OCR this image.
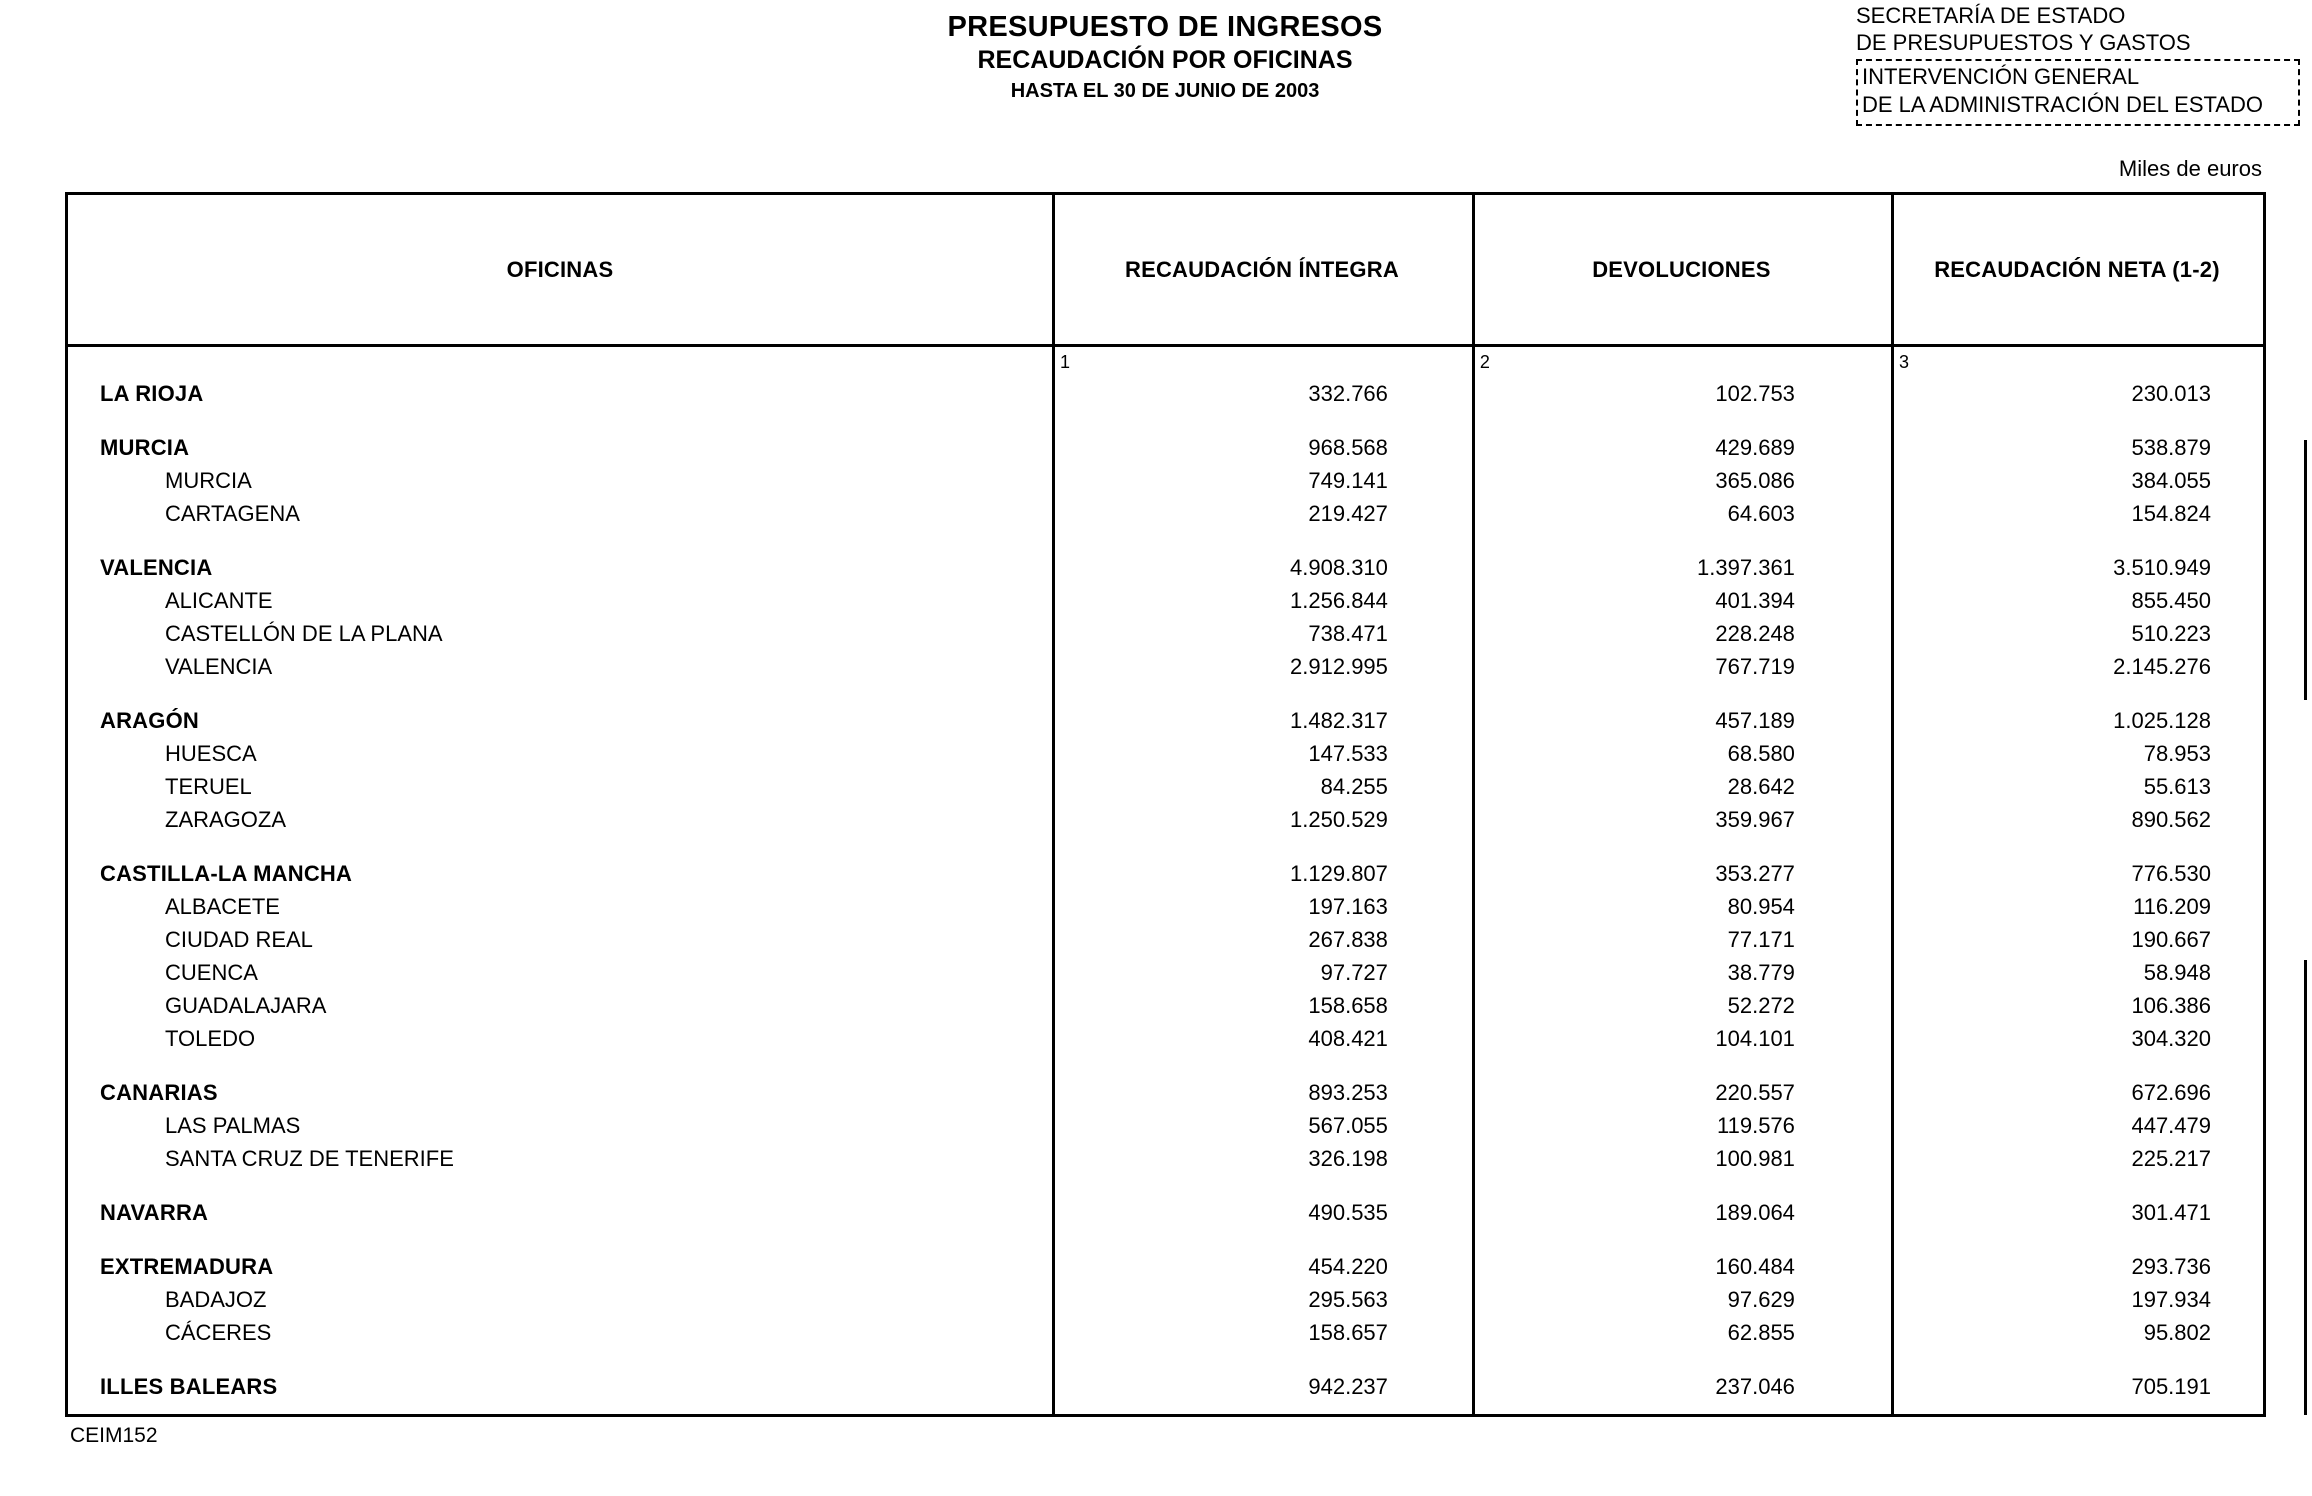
PRESUPUESTO DE INGRESOS
RECAUDACIÓN POR OFICINAS
HASTA EL 30 DE JUNIO DE 2003
SECRETARÍA DE ESTADO
DE PRESUPUESTOS Y GASTOS
INTERVENCIÓN GENERAL
DE LA ADMINISTRACIÓN DEL ESTADO
Miles de euros
OFICINAS	RECAUDACIÓN ÍNTEGRA	DEVOLUCIONES	RECAUDACIÓN NETA (1-2)
1	2	3
LA RIOJA	332.766	102.753	230.013
MURCIA	968.568	429.689	538.879
MURCIA	749.141	365.086	384.055
CARTAGENA	219.427	64.603	154.824
VALENCIA	4.908.310	1.397.361	3.510.949
ALICANTE	1.256.844	401.394	855.450
CASTELLÓN DE LA PLANA	738.471	228.248	510.223
VALENCIA	2.912.995	767.719	2.145.276
ARAGÓN	1.482.317	457.189	1.025.128
HUESCA	147.533	68.580	78.953
TERUEL	84.255	28.642	55.613
ZARAGOZA	1.250.529	359.967	890.562
CASTILLA-LA MANCHA	1.129.807	353.277	776.530
ALBACETE	197.163	80.954	116.209
CIUDAD REAL	267.838	77.171	190.667
CUENCA	97.727	38.779	58.948
GUADALAJARA	158.658	52.272	106.386
TOLEDO	408.421	104.101	304.320
CANARIAS	893.253	220.557	672.696
LAS PALMAS	567.055	119.576	447.479
SANTA CRUZ DE TENERIFE	326.198	100.981	225.217
NAVARRA	490.535	189.064	301.471
EXTREMADURA	454.220	160.484	293.736
BADAJOZ	295.563	97.629	197.934
CÁCERES	158.657	62.855	95.802
ILLES BALEARS	942.237	237.046	705.191
CEIM152
